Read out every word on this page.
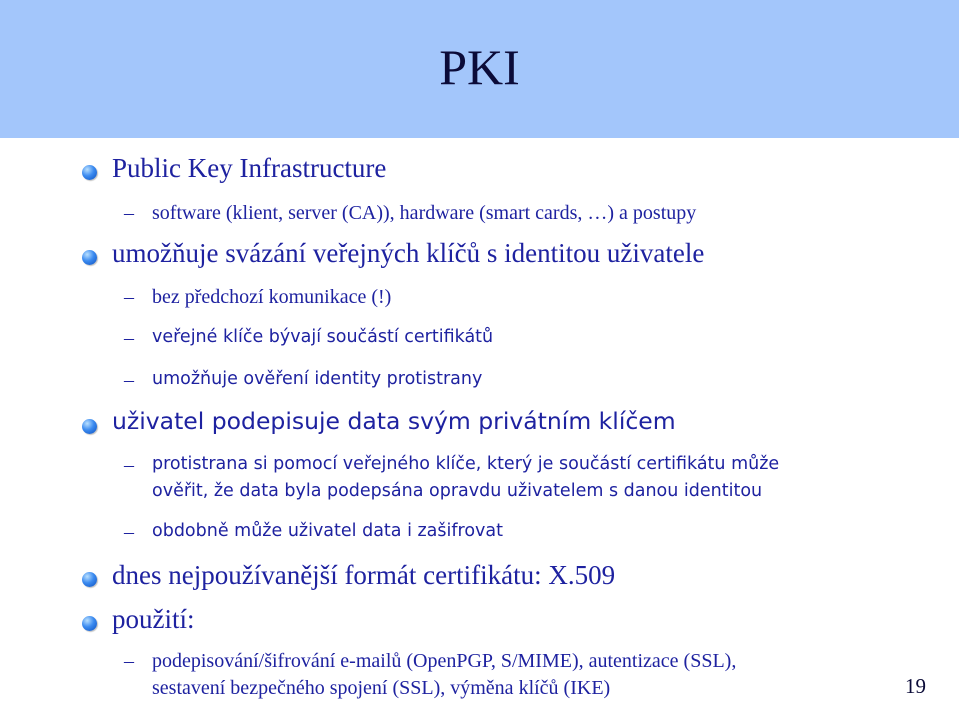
PKI
Public Key Infrastructure
– software (klient, server (CA)), hardware (smart cards, …) a postupy
umožňuje svázání veřejných klíčů s identitou uživatele
– bez předchozí komunikace (!)
– veřejné klíče bývají součástí certifikátů
– umožňuje ověření identity protistrany
uživatel podepisuje data svým privátním klíčem
– protistrana si pomocí veřejného klíče, který je součástí certifikátu může
ověřit, že data byla podepsána opravdu uživatelem s danou identitou
– obdobně může uživatel data i zašifrovat
dnes nejpoužívanější formát certifikátu: X.509
použití:
– podepisování/šifrování e-mailů (OpenPGP, S/MIME), autentizace (SSL),
sestavení bezpečného spojení (SSL), výměna klíčů (IKE)	19
